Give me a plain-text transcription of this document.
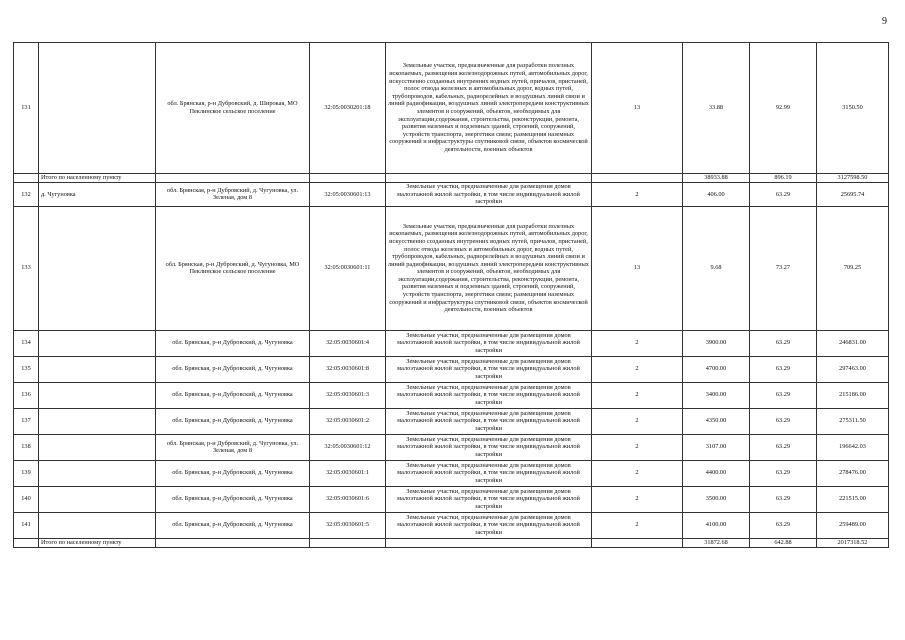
9
131		обл. Брянская, р-н Дубровский, д. Широкая, МО Пеклинское сельское поселение	32:05:0030201:18	Земельные участки, предназначенные для разработки полезных ископаемых, размещения железнодорожных путей, автомобильных дорог, искусственно созданных внутренних водных путей, причалов, пристаней, полос отвода железных и автомобильных дорог, водных путей, трубопроводов, кабельных, радиорелейных и воздушных линий связи и линий радиофикации, воздушных линий электропередачи конструктивных элементов и сооружений, объектов, необходимых для эксплуатации,содержания, строительства, реконструкции, ремонта, развития наземных и подземных зданий, строений, сооружений, устройств транспорта, энергетики связи; размещения наземных сооружений и инфраструктуры спутниковой связи, объектов космической деятельности, военных объектов	13	33.88	92.99	3150.50
	Итого по населенному пункту					38933.88	896.19	3127598.50
132	д. Чугуновка	обл. Брянская, р-н Дубровский, д. Чугуновка, ул. Зеленая, дом 8	32:05:0030601:13	Земельные участки, предназначенные для размещения домов малоэтажной жилой застройки, в том числе индивидуальной жилой застройки	2	406.00	63.29	25695.74
133		обл. Брянская, р-н Дубровский, д. Чугуновка, МО Пеклинское сельское поселение	32:05:0030601:11	Земельные участки, предназначенные для разработки полезных ископаемых, размещения железнодорожных путей, автомобильных дорог, искусственно созданных внутренних водных путей, причалов, пристаней, полос отвода железных и автомобильных дорог, водных путей, трубопроводов, кабельных, радиорелейных и воздушных линий связи и линий радиофикации, воздушных линий электропередачи конструктивных элементов и сооружений, объектов, необходимых для эксплуатации,содержания, строительства, реконструкции, ремонта, развития наземных и подземных зданий, строений, сооружений, устройств транспорта, энергетики связи; размещения наземных сооружений и инфраструктуры спутниковой связи, объектов космической деятельности, военных объектов	13	9.68	73.27	709.25
134		обл. Брянская, р-н Дубровский, д. Чугуновка	32:05:0030601:4	Земельные участки, предназначенные для размещения домов малоэтажной жилой застройки, в том числе индивидуальной жилой застройки	2	3900.00	63.29	246831.00
135		обл. Брянская, р-н Дубровский, д. Чугуновка	32:05:0030601:8	Земельные участки, предназначенные для размещения домов малоэтажной жилой застройки, в том числе индивидуальной жилой застройки	2	4700.00	63.29	297463.00
136		обл. Брянская, р-н Дубровский, д. Чугуновка	32:05:0030601:3	Земельные участки, предназначенные для размещения домов малоэтажной жилой застройки, в том числе индивидуальной жилой застройки	2	3400.00	63.29	215186.00
137		обл. Брянская, р-н Дубровский, д. Чугуновка	32:05:0030601:2	Земельные участки, предназначенные для размещения домов малоэтажной жилой застройки, в том числе индивидуальной жилой застройки	2	4350.00	63.29	275311.50
138		обл. Брянская, р-н Дубровский, д. Чугуновка, ул. Зеленая, дом 8	32:05:0030601:12	Земельные участки, предназначенные для размещения домов малоэтажной жилой застройки, в том числе индивидуальной жилой застройки	2	3107.00	63.29	196642.03
139		обл. Брянская, р-н Дубровский, д. Чугуновка	32:05:0030601:1	Земельные участки, предназначенные для размещения домов малоэтажной жилой застройки, в том числе индивидуальной жилой застройки	2	4400.00	63.29	278476.00
140		обл. Брянская, р-н Дубровский, д. Чугуновка	32:05:0030601:6	Земельные участки, предназначенные для размещения домов малоэтажной жилой застройки, в том числе индивидуальной жилой застройки	2	3500.00	63.29	221515.00
141		обл. Брянская, р-н Дубровский, д. Чугуновка	32:05:0030601:5	Земельные участки, предназначенные для размещения домов малоэтажной жилой застройки, в том числе индивидуальной жилой застройки	2	4100.00	63.29	259489.00
	Итого по населенному пункту					31872.68	642.88	2017318.52
